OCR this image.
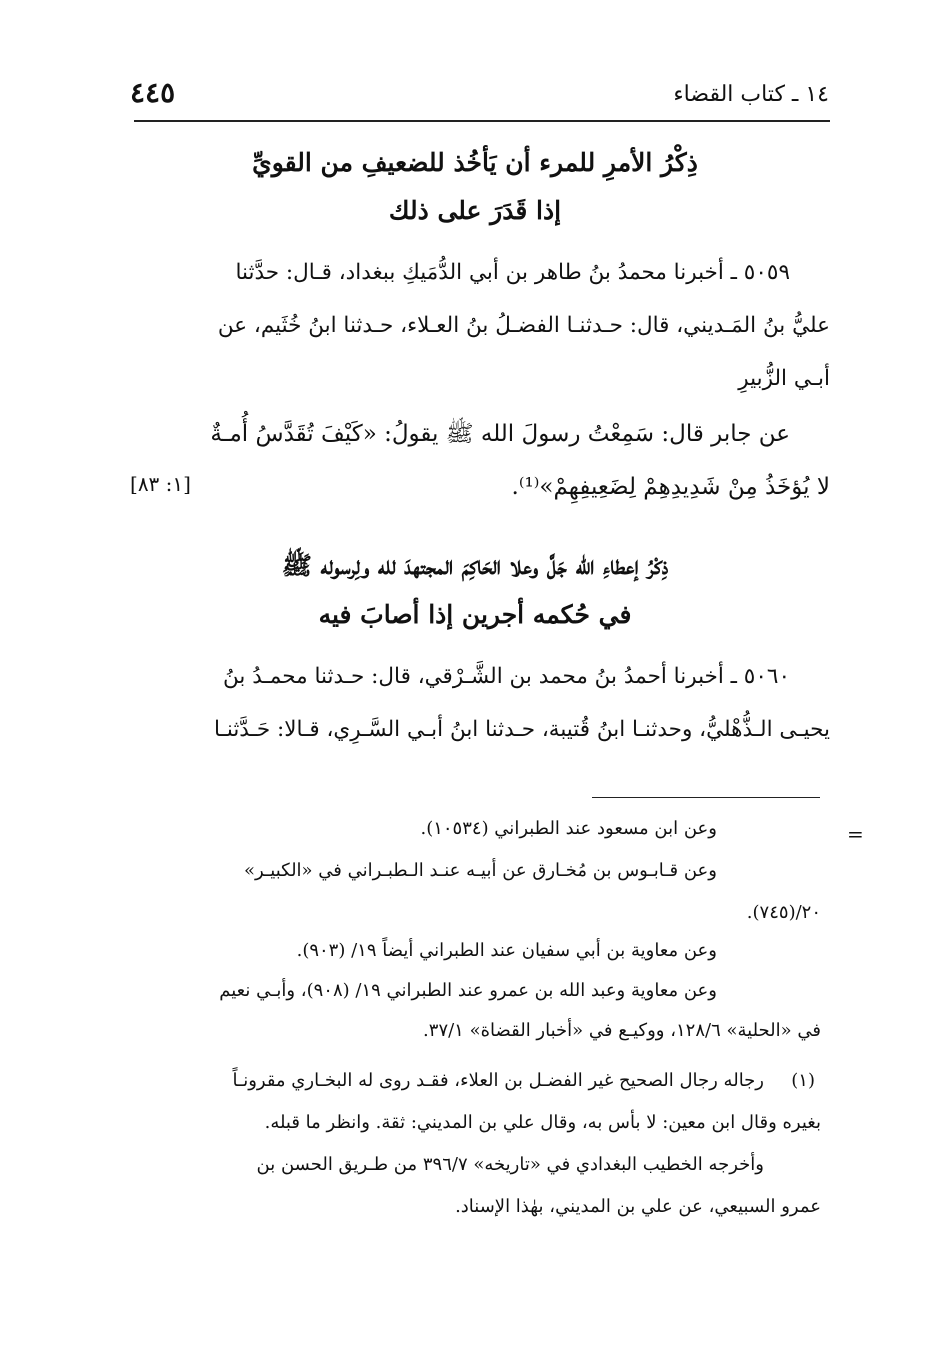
٤٤٥	١٤ ـ كتاب القضاء
ذِكْرُ الأمرِ للمرء أن يَأخُذ للضعيفِ من القويِّ
إذا قَدَرَ على ذلك
٥٠٥٩ ـ أخبرنا محمدُ بنُ طاهر بن أبي الدُّمَيكِ ببغداد، قـال: حدَّثنا
عليُّ بنُ المَـديني، قال: حـدثنـا الفضـلُ بنُ العـلاء، حـدثنا ابنُ خُثَيم، عن
أبـي الزُّبيرِ
عن جابر قال: سَمِعْتُ رسولَ الله ﷺ يقولُ: «كَيْفَ تُقَدَّسُ أُمـةٌ
لا يُؤخَذُ مِنْ شَدِيدِهِمْ لِضَعِيفِهِمْ»⁽¹⁾.
[١: ٨٣]
ذِكْرُ إعطاءِ الله جَلَّ وعلا الحَاكِمَ المجتهدَ لله ولِرسوله ﷺ
في حُكمه أجرين إذا أصابَ فيه
٥٠٦٠ ـ أخبرنا أحمدُ بنُ محمد بن الشَّـرْقي، قال: حـدثنا محمـدُ بنُ
يحيـى الـذُّهْليُّ، وحدثنـا ابنُ قُتيبة، حـدثنا ابنُ أبـي السَّـرِي، قـالا: حَـدَّثنـا
=
وعن ابن مسعود عند الطبراني (١٠٥٣٤).
وعن قـابـوس بن مُخـارق عن أبيـه عنـد الـطبـراني في «الكبيـر»
٢٠/(٧٤٥).
وعن معاوية بن أبي سفيان عند الطبراني أيضاً ١٩/ (٩٠٣).
وعن معاوية وعبد الله بن عمرو عند الطبراني ١٩/ (٩٠٨)، وأبـي نعيم
في «الحلية» ١٢٨/٦، ووكيـع في «أخبار القضاة» ٣٧/١.
(١)
رجاله رجال الصحيح غير الفضـل بن العلاء، فقـد روى له البخـاري مقرونـاً
بغيره وقال ابن معين: لا بأس به، وقال علي بن المديني: ثقة. وانظر ما قبله.
وأخرجه الخطيب البغدادي في «تاريخه» ٣٩٦/٧ من طـريق الحسن بن
عمرو السبيعي، عن علي بن المديني، بهٰذا الإسناد.
